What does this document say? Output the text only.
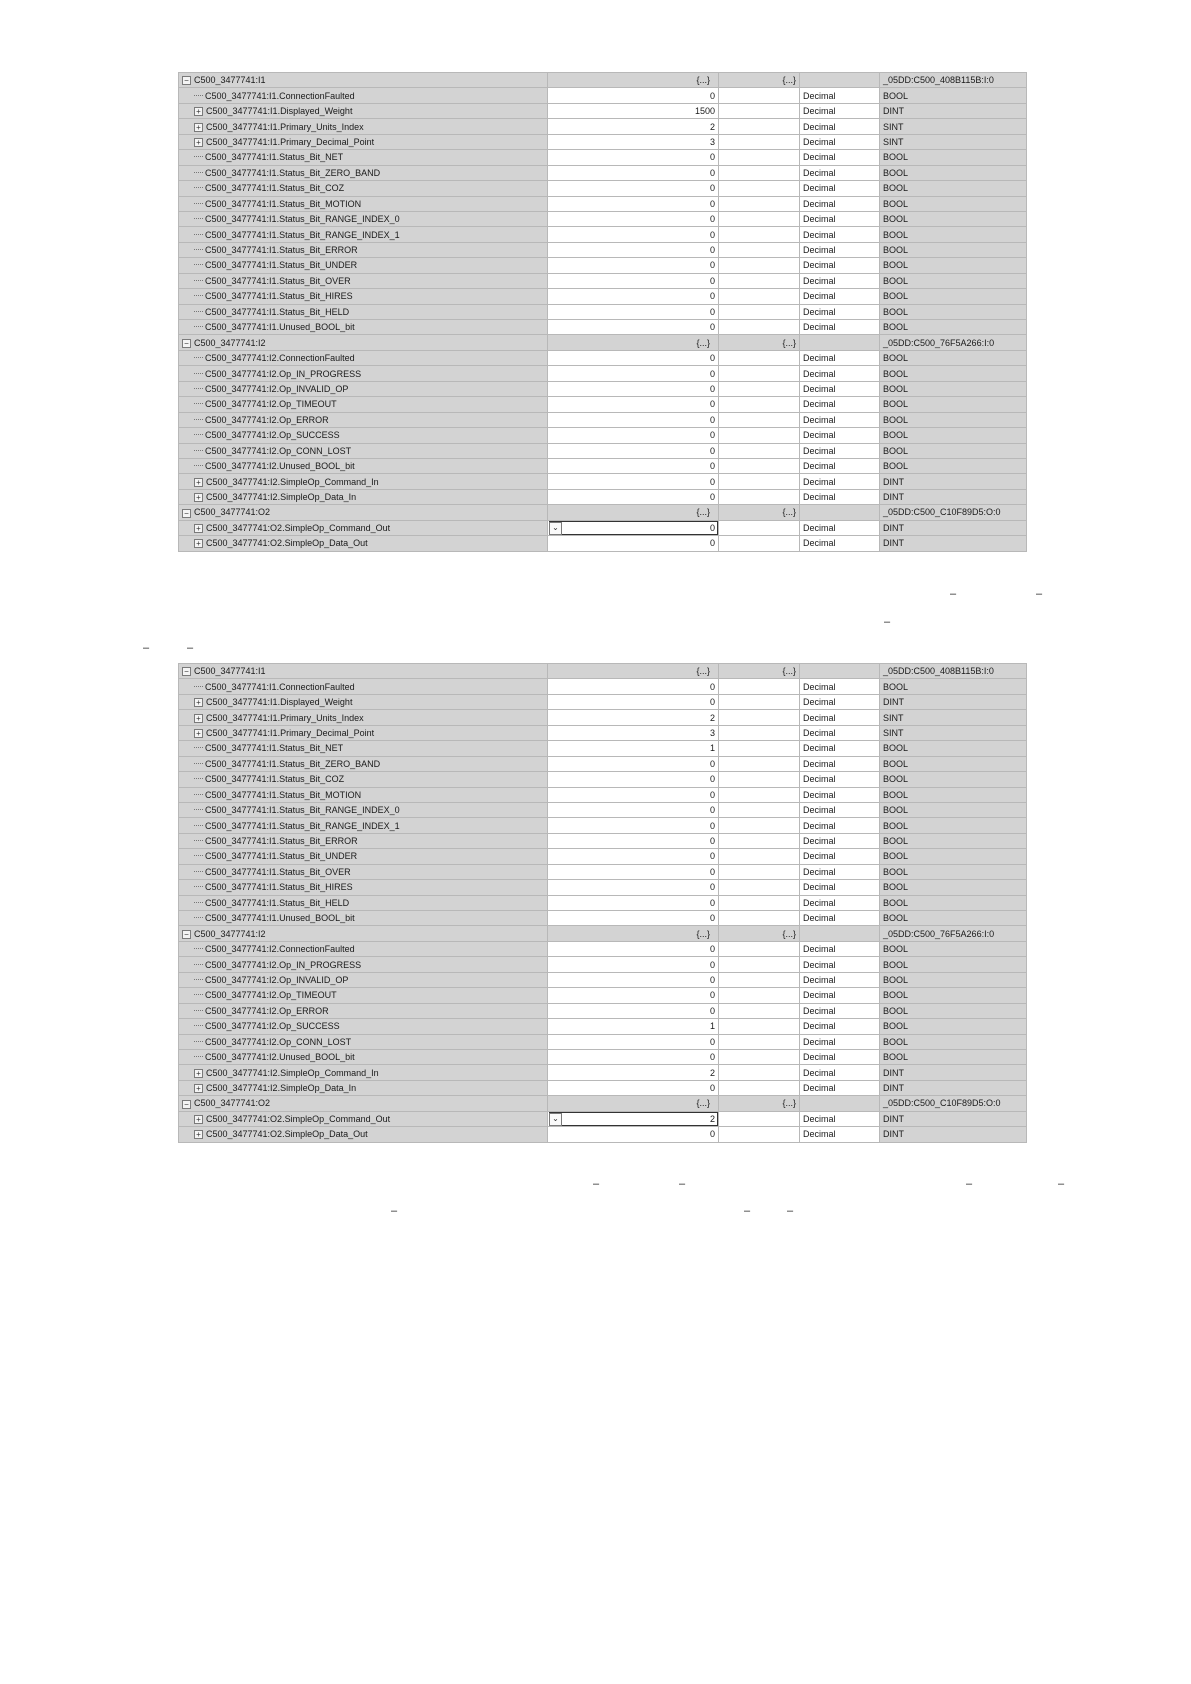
− C500_3477741:I1	{...}	{...}		_05DD:C500_408B115B:I:0
C500_3477741:I1.ConnectionFaulted	0		Decimal	BOOL
+ C500_3477741:I1.Displayed_Weight	1500		Decimal	DINT
+ C500_3477741:I1.Primary_Units_Index	2		Decimal	SINT
+ C500_3477741:I1.Primary_Decimal_Point	3		Decimal	SINT
C500_3477741:I1.Status_Bit_NET	0		Decimal	BOOL
C500_3477741:I1.Status_Bit_ZERO_BAND	0		Decimal	BOOL
C500_3477741:I1.Status_Bit_COZ	0		Decimal	BOOL
C500_3477741:I1.Status_Bit_MOTION	0		Decimal	BOOL
C500_3477741:I1.Status_Bit_RANGE_INDEX_0	0		Decimal	BOOL
C500_3477741:I1.Status_Bit_RANGE_INDEX_1	0		Decimal	BOOL
C500_3477741:I1.Status_Bit_ERROR	0		Decimal	BOOL
C500_3477741:I1.Status_Bit_UNDER	0		Decimal	BOOL
C500_3477741:I1.Status_Bit_OVER	0		Decimal	BOOL
C500_3477741:I1.Status_Bit_HIRES	0		Decimal	BOOL
C500_3477741:I1.Status_Bit_HELD	0		Decimal	BOOL
C500_3477741:I1.Unused_BOOL_bit	0		Decimal	BOOL
− C500_3477741:I2	{...}	{...}		_05DD:C500_76F5A266:I:0
C500_3477741:I2.ConnectionFaulted	0		Decimal	BOOL
C500_3477741:I2.Op_IN_PROGRESS	0		Decimal	BOOL
C500_3477741:I2.Op_INVALID_OP	0		Decimal	BOOL
C500_3477741:I2.Op_TIMEOUT	0		Decimal	BOOL
C500_3477741:I2.Op_ERROR	0		Decimal	BOOL
C500_3477741:I2.Op_SUCCESS	0		Decimal	BOOL
C500_3477741:I2.Op_CONN_LOST	0		Decimal	BOOL
C500_3477741:I2.Unused_BOOL_bit	0		Decimal	BOOL
+ C500_3477741:I2.SimpleOp_Command_In	0		Decimal	DINT
+ C500_3477741:I2.SimpleOp_Data_In	0		Decimal	DINT
− C500_3477741:O2	{...}	{...}		_05DD:C500_C10F89D5:O:0
+ C500_3477741:O2.SimpleOp_Command_Out	⌄ 0		Decimal	DINT
+ C500_3477741:O2.SimpleOp_Data_Out	0		Decimal	DINT
–	–
–
–	–
− C500_3477741:I1	{...}	{...}		_05DD:C500_408B115B:I:0
C500_3477741:I1.ConnectionFaulted	0		Decimal	BOOL
+ C500_3477741:I1.Displayed_Weight	0		Decimal	DINT
+ C500_3477741:I1.Primary_Units_Index	2		Decimal	SINT
+ C500_3477741:I1.Primary_Decimal_Point	3		Decimal	SINT
C500_3477741:I1.Status_Bit_NET	1		Decimal	BOOL
C500_3477741:I1.Status_Bit_ZERO_BAND	0		Decimal	BOOL
C500_3477741:I1.Status_Bit_COZ	0		Decimal	BOOL
C500_3477741:I1.Status_Bit_MOTION	0		Decimal	BOOL
C500_3477741:I1.Status_Bit_RANGE_INDEX_0	0		Decimal	BOOL
C500_3477741:I1.Status_Bit_RANGE_INDEX_1	0		Decimal	BOOL
C500_3477741:I1.Status_Bit_ERROR	0		Decimal	BOOL
C500_3477741:I1.Status_Bit_UNDER	0		Decimal	BOOL
C500_3477741:I1.Status_Bit_OVER	0		Decimal	BOOL
C500_3477741:I1.Status_Bit_HIRES	0		Decimal	BOOL
C500_3477741:I1.Status_Bit_HELD	0		Decimal	BOOL
C500_3477741:I1.Unused_BOOL_bit	0		Decimal	BOOL
− C500_3477741:I2	{...}	{...}		_05DD:C500_76F5A266:I:0
C500_3477741:I2.ConnectionFaulted	0		Decimal	BOOL
C500_3477741:I2.Op_IN_PROGRESS	0		Decimal	BOOL
C500_3477741:I2.Op_INVALID_OP	0		Decimal	BOOL
C500_3477741:I2.Op_TIMEOUT	0		Decimal	BOOL
C500_3477741:I2.Op_ERROR	0		Decimal	BOOL
C500_3477741:I2.Op_SUCCESS	1		Decimal	BOOL
C500_3477741:I2.Op_CONN_LOST	0		Decimal	BOOL
C500_3477741:I2.Unused_BOOL_bit	0		Decimal	BOOL
+ C500_3477741:I2.SimpleOp_Command_In	2		Decimal	DINT
+ C500_3477741:I2.SimpleOp_Data_In	0		Decimal	DINT
− C500_3477741:O2	{...}	{...}		_05DD:C500_C10F89D5:O:0
+ C500_3477741:O2.SimpleOp_Command_Out	⌄ 2		Decimal	DINT
+ C500_3477741:O2.SimpleOp_Data_Out	0		Decimal	DINT
–	–	–	–
–	–	–
